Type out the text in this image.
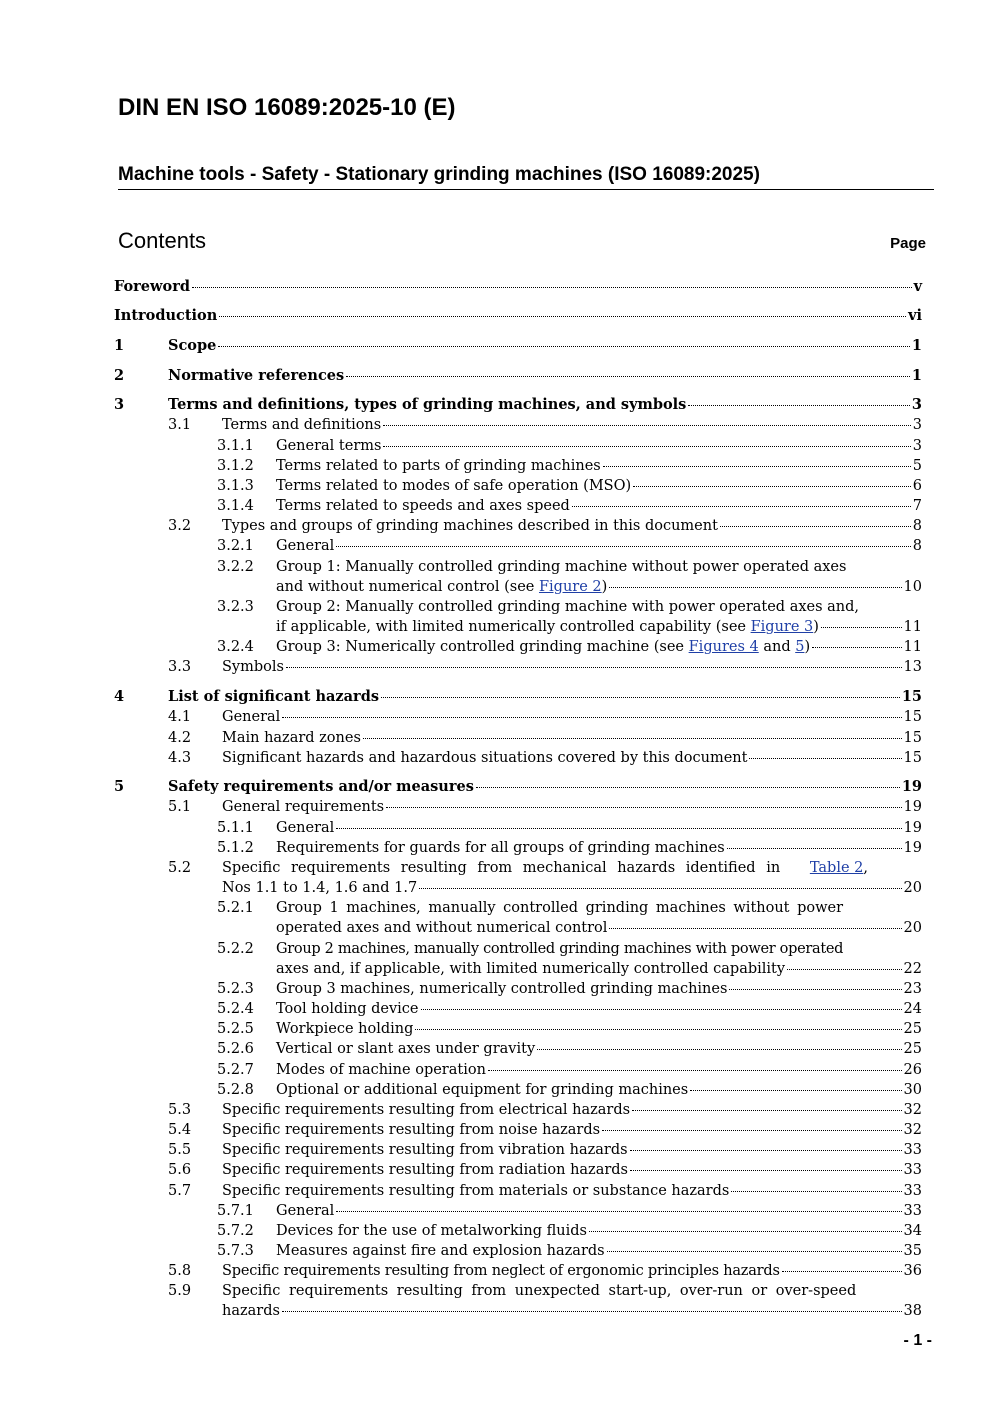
DIN EN ISO 16089:2025-10 (E)
Machine tools - Safety - Stationary grinding machines (ISO 16089:2025)
Contents	Page
Foreword	v
Introduction	vi
1	Scope	1
2	Normative references	1
3	Terms and definitions, types of grinding machines, and symbols	3
3.1 Terms and definitions	3
3.1.1 General terms	3
3.1.2 Terms related to parts of grinding machines	5
3.1.3 Terms related to modes of safe operation (MSO)	6
3.1.4 Terms related to speeds and axes speed	7
3.2 Types and groups of grinding machines described in this document	8
3.2.1 General	8
3.2.2 Group 1: Manually controlled grinding machine without power operated axes
and without numerical control (see Figure 2)	10
3.2.3 Group 2: Manually controlled grinding machine with power operated axes and,
if applicable, with limited numerically controlled capability (see Figure 3)	11
3.2.4 Group 3: Numerically controlled grinding machine (see Figures 4 and 5)	11
3.3 Symbols	13
4	List of significant hazards	15
4.1 General	15
4.2 Main hazard zones	15
4.3 Significant hazards and hazardous situations covered by this document	15
5	Safety requirements and/or measures	19
5.1 General requirements	19
5.1.1 General	19
5.1.2 Requirements for guards for all groups of grinding machines	19
5.2 Specific requirements resulting from mechanical hazards identified in Table 2,
Nos 1.1 to 1.4, 1.6 and 1.7	20
5.2.1 Group 1 machines, manually controlled grinding machines without power
operated axes and without numerical control	20
5.2.2 Group 2 machines, manually controlled grinding machines with power operated
axes and, if applicable, with limited numerically controlled capability	22
5.2.3 Group 3 machines, numerically controlled grinding machines	23
5.2.4 Tool holding device	24
5.2.5 Workpiece holding	25
5.2.6 Vertical or slant axes under gravity	25
5.2.7 Modes of machine operation	26
5.2.8 Optional or additional equipment for grinding machines	30
5.3 Specific requirements resulting from electrical hazards	32
5.4 Specific requirements resulting from noise hazards	32
5.5 Specific requirements resulting from vibration hazards	33
5.6 Specific requirements resulting from radiation hazards	33
5.7 Specific requirements resulting from materials or substance hazards	33
5.7.1 General	33
5.7.2 Devices for the use of metalworking fluids	34
5.7.3 Measures against fire and explosion hazards	35
5.8 Specific requirements resulting from neglect of ergonomic principles hazards	36
5.9 Specific requirements resulting from unexpected start-up, over-run or over-speed
hazards	38
- 1 -
